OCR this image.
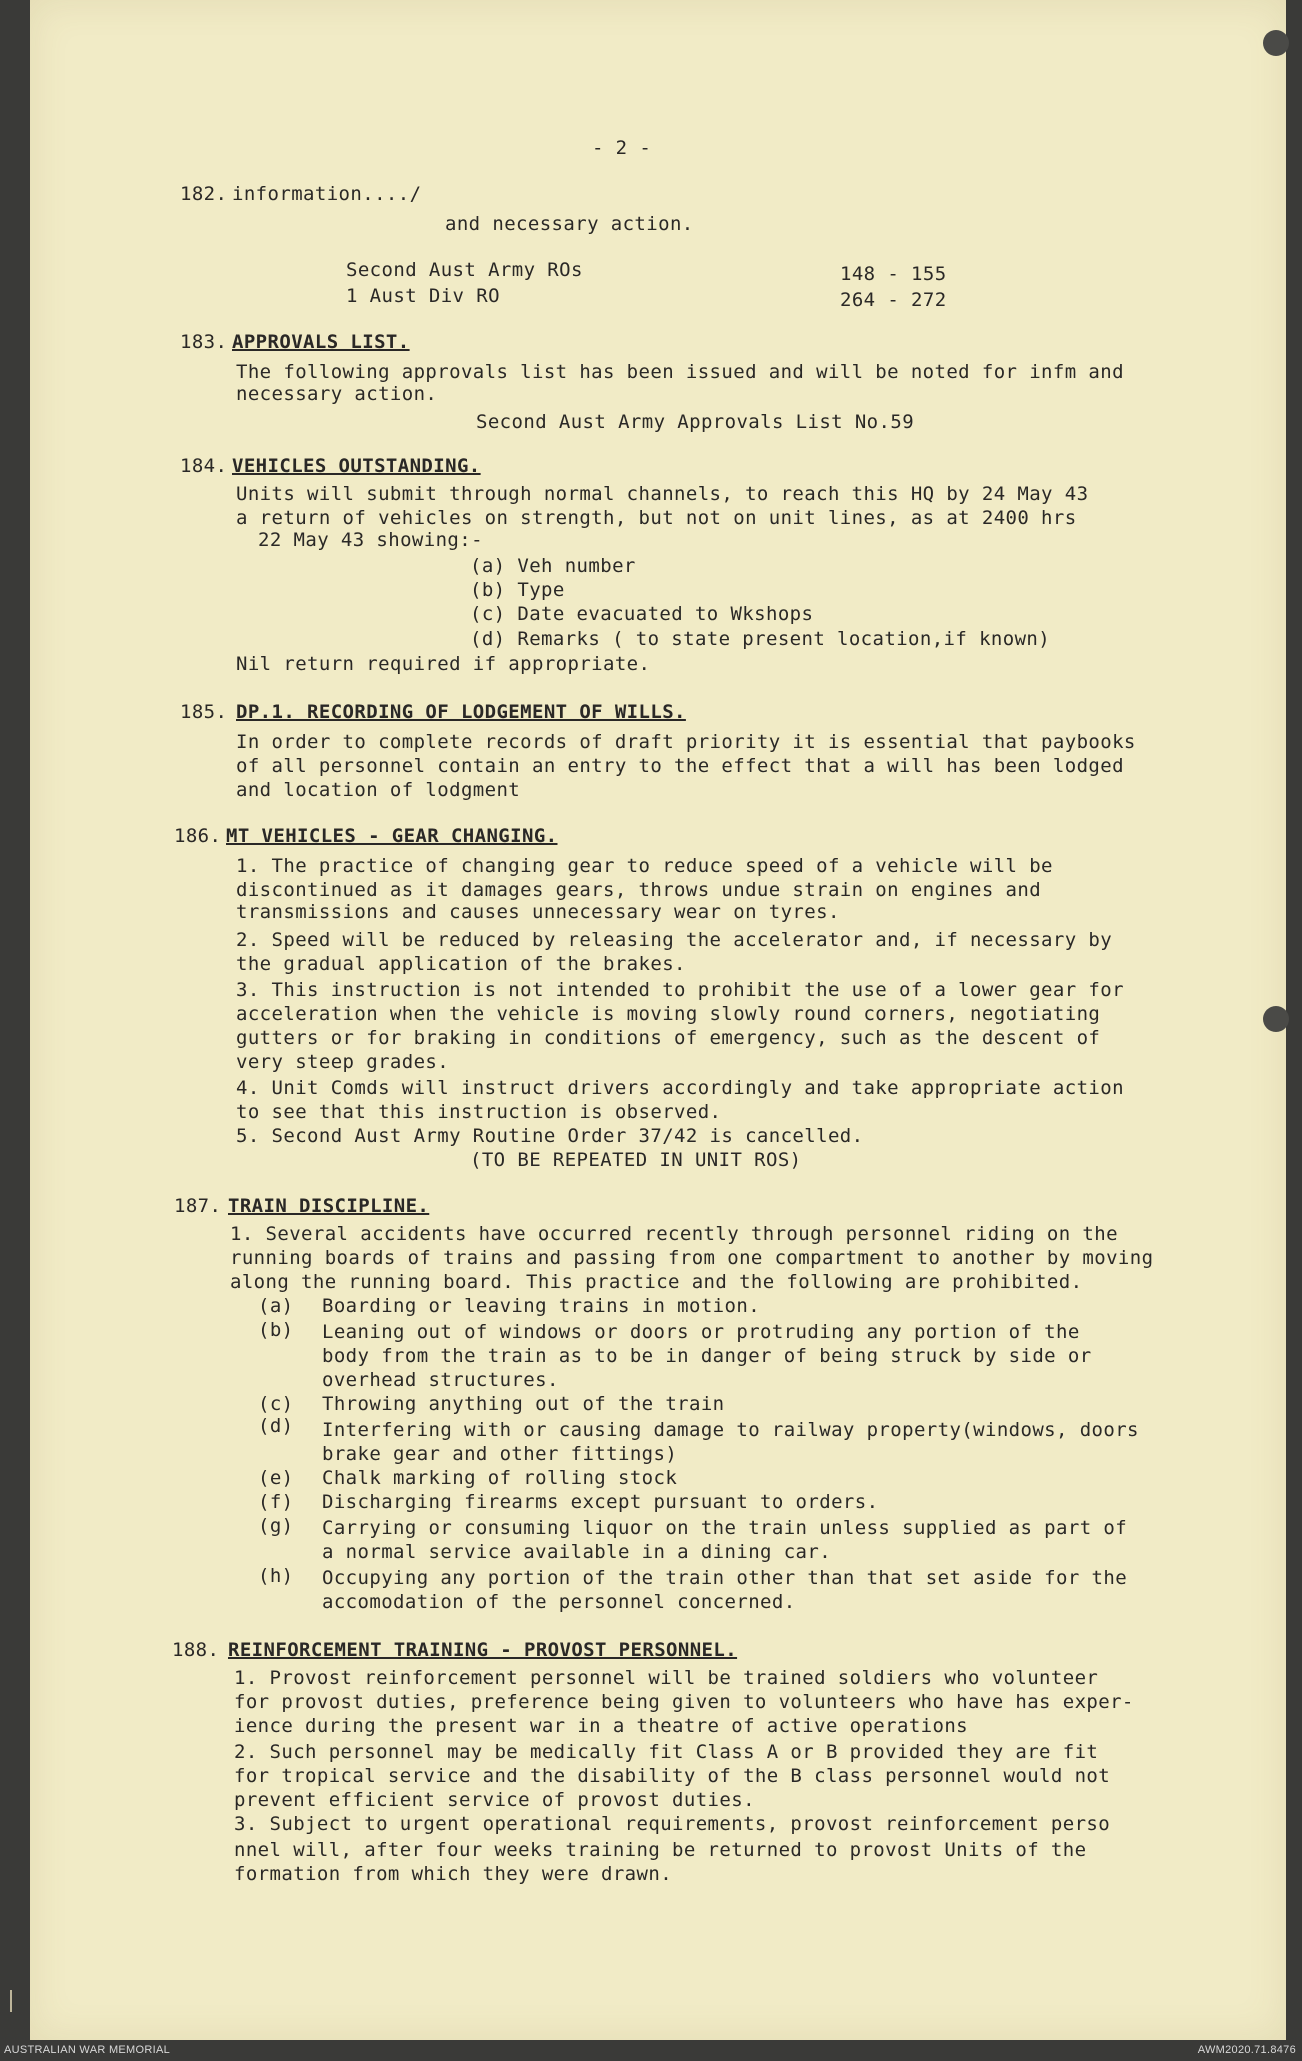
- 2 -
182. information..../
and necessary action.
Second Aust Army ROs	148 - 155
1 Aust Div RO	264 - 272
183. APPROVALS LIST.
The following approvals list has been issued and will be noted for infm and
necessary action.
Second Aust Army Approvals List No.59
184. VEHICLES OUTSTANDING.
Units will submit through normal channels, to reach this HQ by 24 May 43
a return of vehicles on strength, but not on unit lines, as at 2400 hrs
22 May 43 showing:-
(a) Veh number
(b) Type
(c) Date evacuated to Wkshops
(d) Remarks ( to state present location,if known)
Nil return required if appropriate.
185. DP.1. RECORDING OF LODGEMENT OF WILLS.
In order to complete records of draft priority it is essential that paybooks
of all personnel contain an entry to the effect that a will has been lodged
and location of lodgment
186. MT VEHICLES - GEAR CHANGING.
1. The practice of changing gear to reduce speed of a vehicle will be
discontinued as it damages gears, throws undue strain on engines and
transmissions and causes unnecessary wear on tyres.
2. Speed will be reduced by releasing the accelerator and, if necessary by
the gradual application of the brakes.
3. This instruction is not intended to prohibit the use of a lower gear for
acceleration when the vehicle is moving slowly round corners, negotiating
gutters or for braking in conditions of emergency, such as the descent of
very steep grades.
4. Unit Comds will instruct drivers accordingly and take appropriate action
to see that this instruction is observed.
5. Second Aust Army Routine Order 37/42 is cancelled.
(TO BE REPEATED IN UNIT ROS)
187. TRAIN DISCIPLINE.
1. Several accidents have occurred recently through personnel riding on the
running boards of trains and passing from one compartment to another by moving
along the running board. This practice and the following are prohibited.
(a) Boarding or leaving trains in motion.
(b) Leaning out of windows or doors or protruding any portion of the
body from the train as to be in danger of being struck by side or
overhead structures.
(c) Throwing anything out of the train
(d) Interfering with or causing damage to railway property(windows, doors
brake gear and other fittings)
(e) Chalk marking of rolling stock
(f) Discharging firearms except pursuant to orders.
(g) Carrying or consuming liquor on the train unless supplied as part of
a normal service available in a dining car.
(h) Occupying any portion of the train other than that set aside for the
accomodation of the personnel concerned.
188. REINFORCEMENT TRAINING - PROVOST PERSONNEL.
1. Provost reinforcement personnel will be trained soldiers who volunteer
for provost duties, preference being given to volunteers who have has exper-
ience during the present war in a theatre of active operations
2. Such personnel may be medically fit Class A or B provided they are fit
for tropical service and the disability of the B class personnel would not
prevent efficient service of provost duties.
3. Subject to urgent operational requirements, provost reinforcement perso
nnel will, after four weeks training be returned to provost Units of the
formation from which they were drawn.
AUSTRALIAN WAR MEMORIAL	AWM2020.71.8476
